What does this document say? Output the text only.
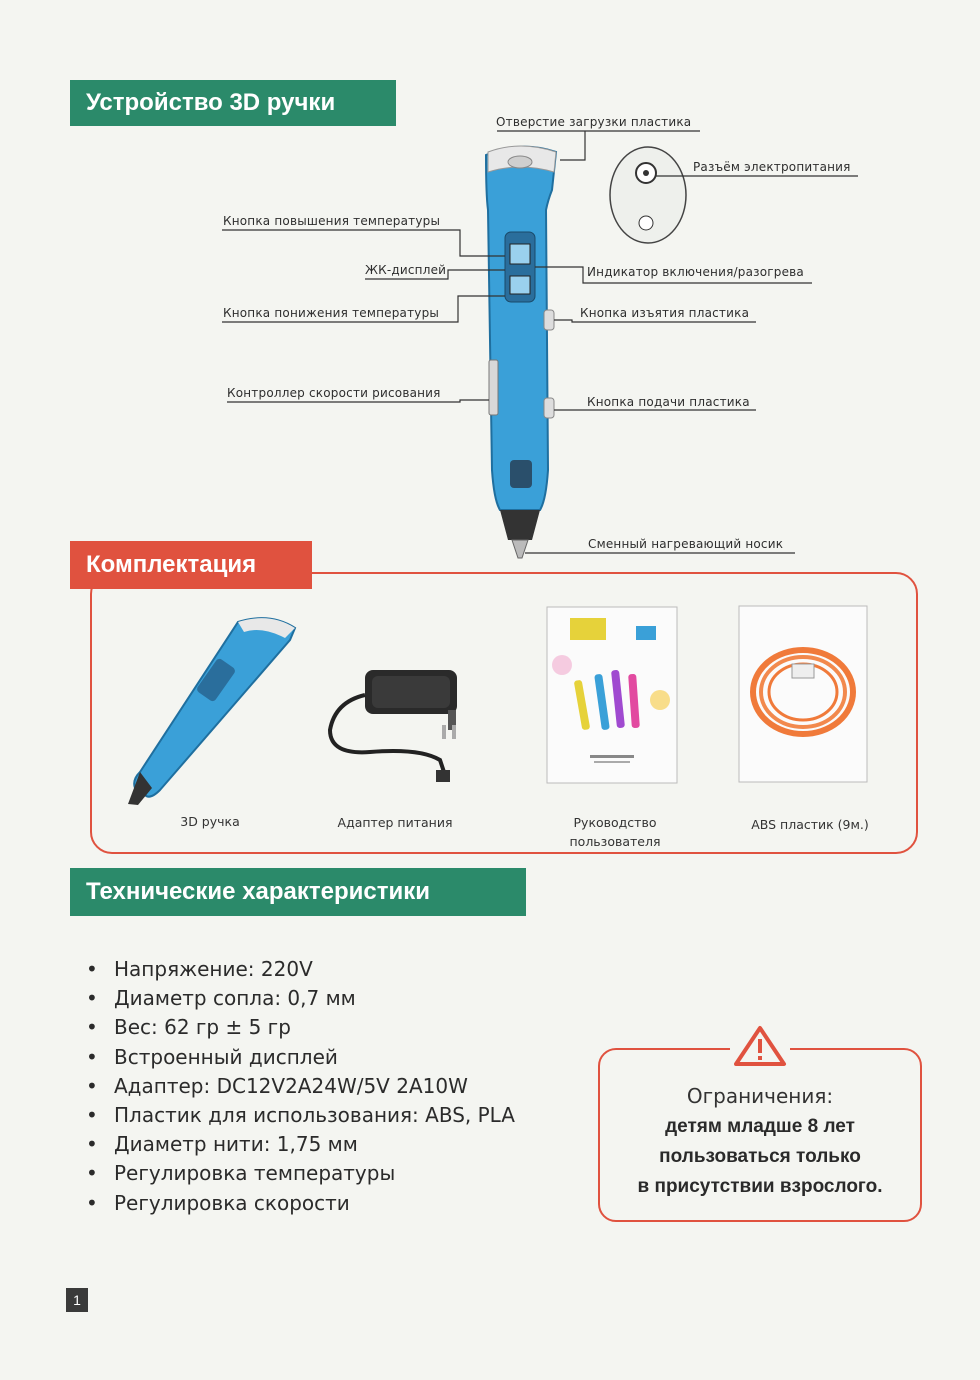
Устройство 3D ручки
Отверстие загрузки пластика
Разъём электропитания
Кнопка повышения температуры
ЖК-дисплей	Индикатор включения/разогрева
Кнопка понижения температуры	Кнопка изъятия пластика
Контроллер скорости рисования
Кнопка подачи пластика
Сменный нагревающий носик
Комплектация
3D ручка	Адаптер питания	Руководство
пользователя
ABS пластик (9м.)
Технические характеристики
• Напряжение: 220V
• Диаметр сопла: 0,7 мм
• Вес: 62 гр ± 5 гр
• Встроенный дисплей
• Адаптер: DC12V2A24W/5V 2A10W
• Пластик для использования: ABS, PLA
• Диаметр нити: 1,75 мм
• Регулировка температуры
• Регулировка скорости
Ограничения:
детям младше 8 лет
пользоваться только
в присутствии взрослого.
1
